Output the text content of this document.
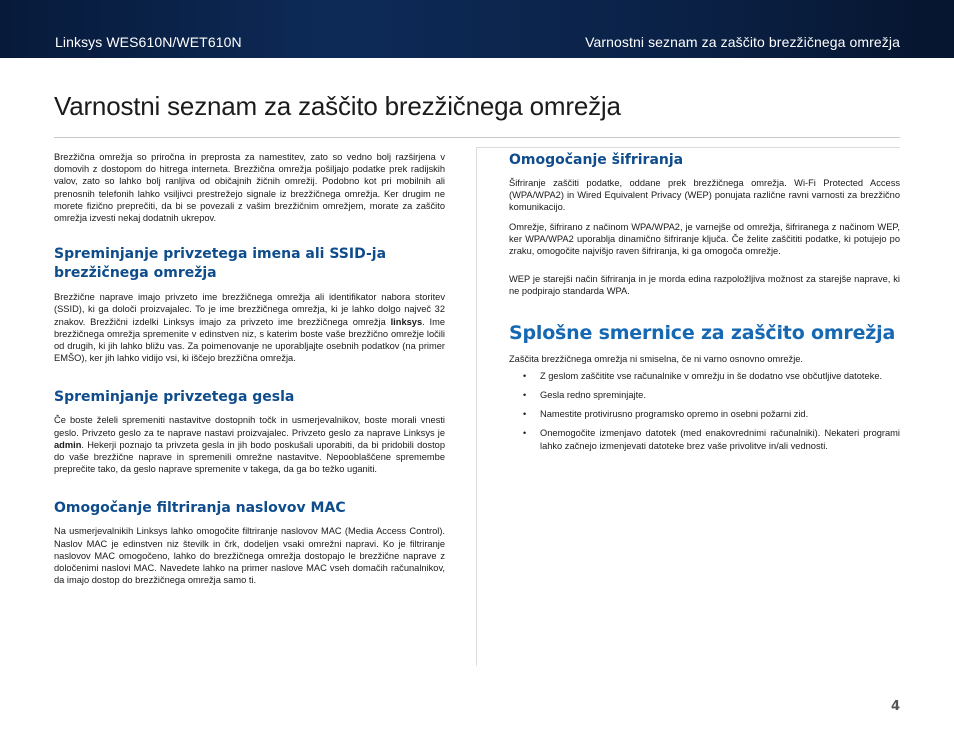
Linksys WES610N/WET610N	Varnostni seznam za zaščito brezžičnega omrežja
Varnostni seznam za zaščito brezžičnega omrežja

Brezžična omrežja so priročna in preprosta za namestitev, zato so vedno bolj razširjena v domovih z dostopom do hitrega interneta. Brezžična omrežja pošiljajo podatke prek radijskih valov, zato so lahko bolj ranljiva od običajnih žičnih omrežij. Podobno kot pri mobilnih ali prenosnih telefonih lahko vsiljivci prestrežejo signale iz brezžičnega omrežja. Ker drugim ne morete fizično preprečiti, da bi se povezali z vašim brezžičnim omrežjem, morate za zaščito omrežja izvesti nekaj dodatnih ukrepov.

Spreminjanje privzetega imena ali SSID-ja
brezžičnega omrežja

Brezžične naprave imajo privzeto ime brezžičnega omrežja ali identifikator nabora storitev (SSID), ki ga določi proizvajalec. To je ime brezžičnega omrežja, ki je lahko dolgo največ 32 znakov. Brezžični izdelki Linksys imajo za privzeto ime brezžičnega omrežja linksys. Ime brezžičnega omrežja spremenite v edinstven niz, s katerim boste vaše brezžično omrežje ločili od drugih, ki jih lahko bližu vas. Za poimenovanje ne uporabljajte osebnih podatkov (na primer EMŠO), ker jih lahko vidijo vsi, ki iščejo brezžična omrežja.

Spreminjanje privzetega gesla

Če boste želeli spremeniti nastavitve dostopnih točk in usmerjevalnikov, boste morali vnesti geslo. Privzeto geslo za te naprave nastavi proizvajalec. Privzeto geslo za naprave Linksys je admin. Hekerji poznajo ta privzeta gesla in jih bodo poskušali uporabiti, da bi pridobili dostop do vaše brezžične naprave in spremenili omrežne nastavitve. Nepooblaščene spremembe preprečite tako, da geslo naprave spremenite v takega, da ga bo težko uganiti.

Omogočanje filtriranja naslovov MAC

Na usmerjevalnikih Linksys lahko omogočite filtriranje naslovov MAC (Media Access Control). Naslov MAC je edinstven niz številk in črk, dodeljen vsaki omrežni napravi. Ko je filtriranje naslovov MAC omogočeno, lahko do brezžičnega omrežja dostopajo le brezžične naprave z določenimi naslovi MAC. Navedete lahko na primer naslove MAC vseh domačih računalnikov, da imajo dostop do brezžičnega omrežja samo ti.

Omogočanje šifriranja

Šifriranje zaščiti podatke, oddane prek brezžičnega omrežja. Wi-Fi Protected Access (WPA/WPA2) in Wired Equivalent Privacy (WEP) ponujata različne ravni varnosti za brezžično komunikacijo.

Omrežje, šifrirano z načinom WPA/WPA2, je varnejše od omrežja, šifriranega z načinom WEP, ker WPA/WPA2 uporablja dinamično šifriranje ključa. Če želite zaščititi podatke, ki potujejo po zraku, omogočite najvišjo raven šifriranja, ki ga omogoča omrežje.

WEP je starejši način šifriranja in je morda edina razpoložljiva možnost za starejše naprave, ki ne podpirajo standarda WPA.

Splošne smernice za zaščito omrežja

Zaščita brezžičnega omrežja ni smiselna, če ni varno osnovno omrežje.

• Z geslom zaščitite vse računalnike v omrežju in še dodatno vse občutljive datoteke.
• Gesla redno spreminjajte.
• Namestite protivirusno programsko opremo in osebni požarni zid.
• Onemogočite izmenjavo datotek (med enakovrednimi računalniki). Nekateri programi lahko začnejo izmenjevati datoteke brez vaše privolitve in/ali vednosti.
4
